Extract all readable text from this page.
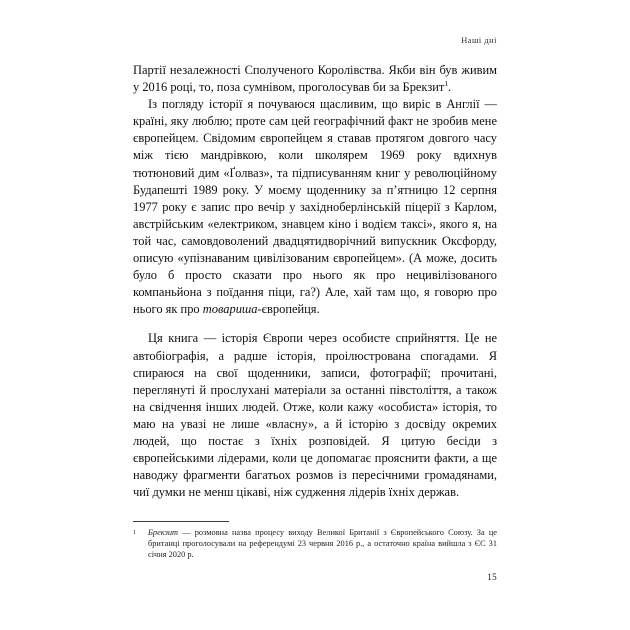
Наші дні

Партії незалежності Сполученого Королівства. Якби він був живим у 2016 році, то, поза сумнівом, проголосував би за Брекзит$^1$.

Із погляду історії я почуваюся щасливим, що виріс в Англії — країні, яку люблю; проте сам цей географічний факт не зробив мене європейцем. Свідомим європейцем я ставав протягом довгого часу між тією мандрівкою, коли школярем 1969 року вдихнув тютюновий дим «Ґолваз», та підписуванням книг у революційному Будапешті 1989 року. У моєму щоденнику за п’ятницю 12 серпня 1977 року є запис про вечір у західноберлінській піцерії з Карлом, австрійським «електриком, знавцем кіно і водієм таксі», якого я, на той час, самовдоволений двадцятидворічний випускник Оксфорду, описую «упізнаваним цивілізованим європейцем». (А може, досить було б просто сказати про нього як про нецивілізованого компаньйона з поїдання піци, га?) Але, хай там що, я говорю про нього як про товариша-європейця.

Ця книга — історія Європи через особисте сприйняття. Це не автобіографія, а радше історія, проілюстрована спогадами. Я спираюся на свої щоденники, записи, фотографії; прочитані, переглянуті й прослухані матеріали за останні півстоліття, а також на свідчення інших людей. Отже, коли кажу «особиста» історія, то маю на увазі не лише «власну», а й історію з досвіду окремих людей, що постає з їхніх розповідей. Я цитую бесіди з європейськими лідерами, коли це допомагає прояснити факти, а ще наводжу фрагменти багатьох розмов із пересічними громадянами, чиї думки не менш цікаві, ніж судження лідерів їхніх держав.

1 Брекзит — розмовна назва процесу виходу Великої Британії з Європейського Союзу. За це британці проголосували на референдумі 23 червня 2016 р., а остаточно країна вийшла з ЄС 31 січня 2020 р.
15
